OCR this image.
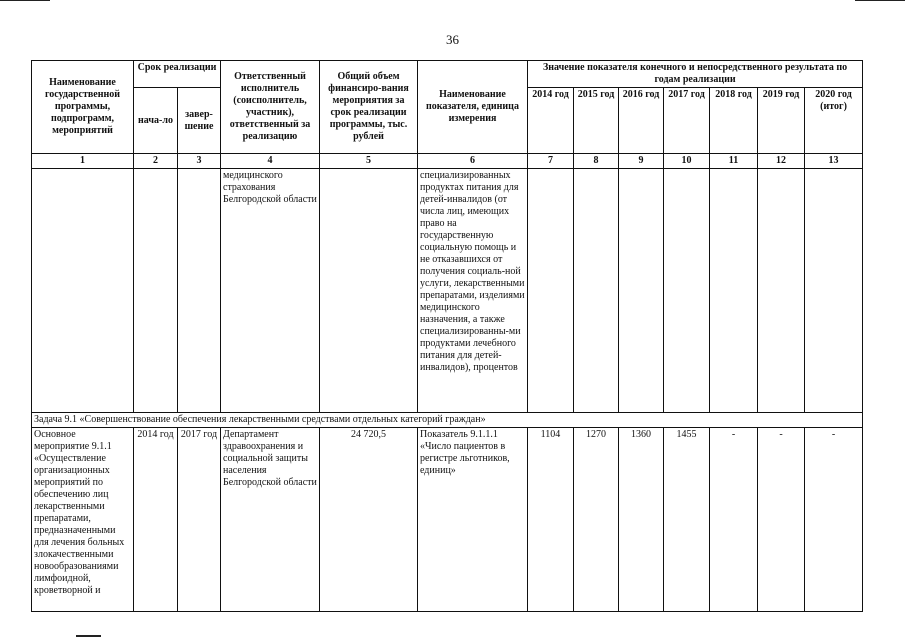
36
Наименование государственной программы, подпрограмм, мероприятий	Срок реализации		Ответственный исполнитель (соисполнитель, участник), ответственный за реализацию	Общий объем финансиро-вания мероприятия за срок реализации программы, тыс. рублей	Наименование показателя, единица измерения	Значение показателя конечного и непосредственного результата по годам реализации						
	нача-ло	завер-шение				2014 год	2015 год	2016 год	2017 год	2018 год	2019 год	2020 год (итог)
1	2	3	4	5	6	7	8	9	10	11	12	13
			медицинского страхования Белгородской области		специализированных продуктах питания для детей-инвалидов (от числа лиц, имеющих право на государственную социальную помощь и не отказавшихся от получения социаль-ной услуги, лекарственными препаратами, изделиями медицинского назначения, а также специализированны-ми продуктами лечебного питания для детей-инвалидов), процентов							
Задача 9.1 «Совершенствование обеспечения лекарственными средствами отдельных категорий граждан»												
Основное мероприятие 9.1.1 «Осуществление организационных мероприятий по обеспечению лиц лекарственными препаратами, предназначенными для лечения больных злокачественными новообразованиями лимфоидной, кроветворной и	2014 год	2017 год	Департамент здравоохранения и социальной защиты населения Белгородской области	24 720,5	Показатель 9.1.1.1 «Число пациентов в регистре льготников, единиц»	1104	1270	1360	1455	-	-	-
